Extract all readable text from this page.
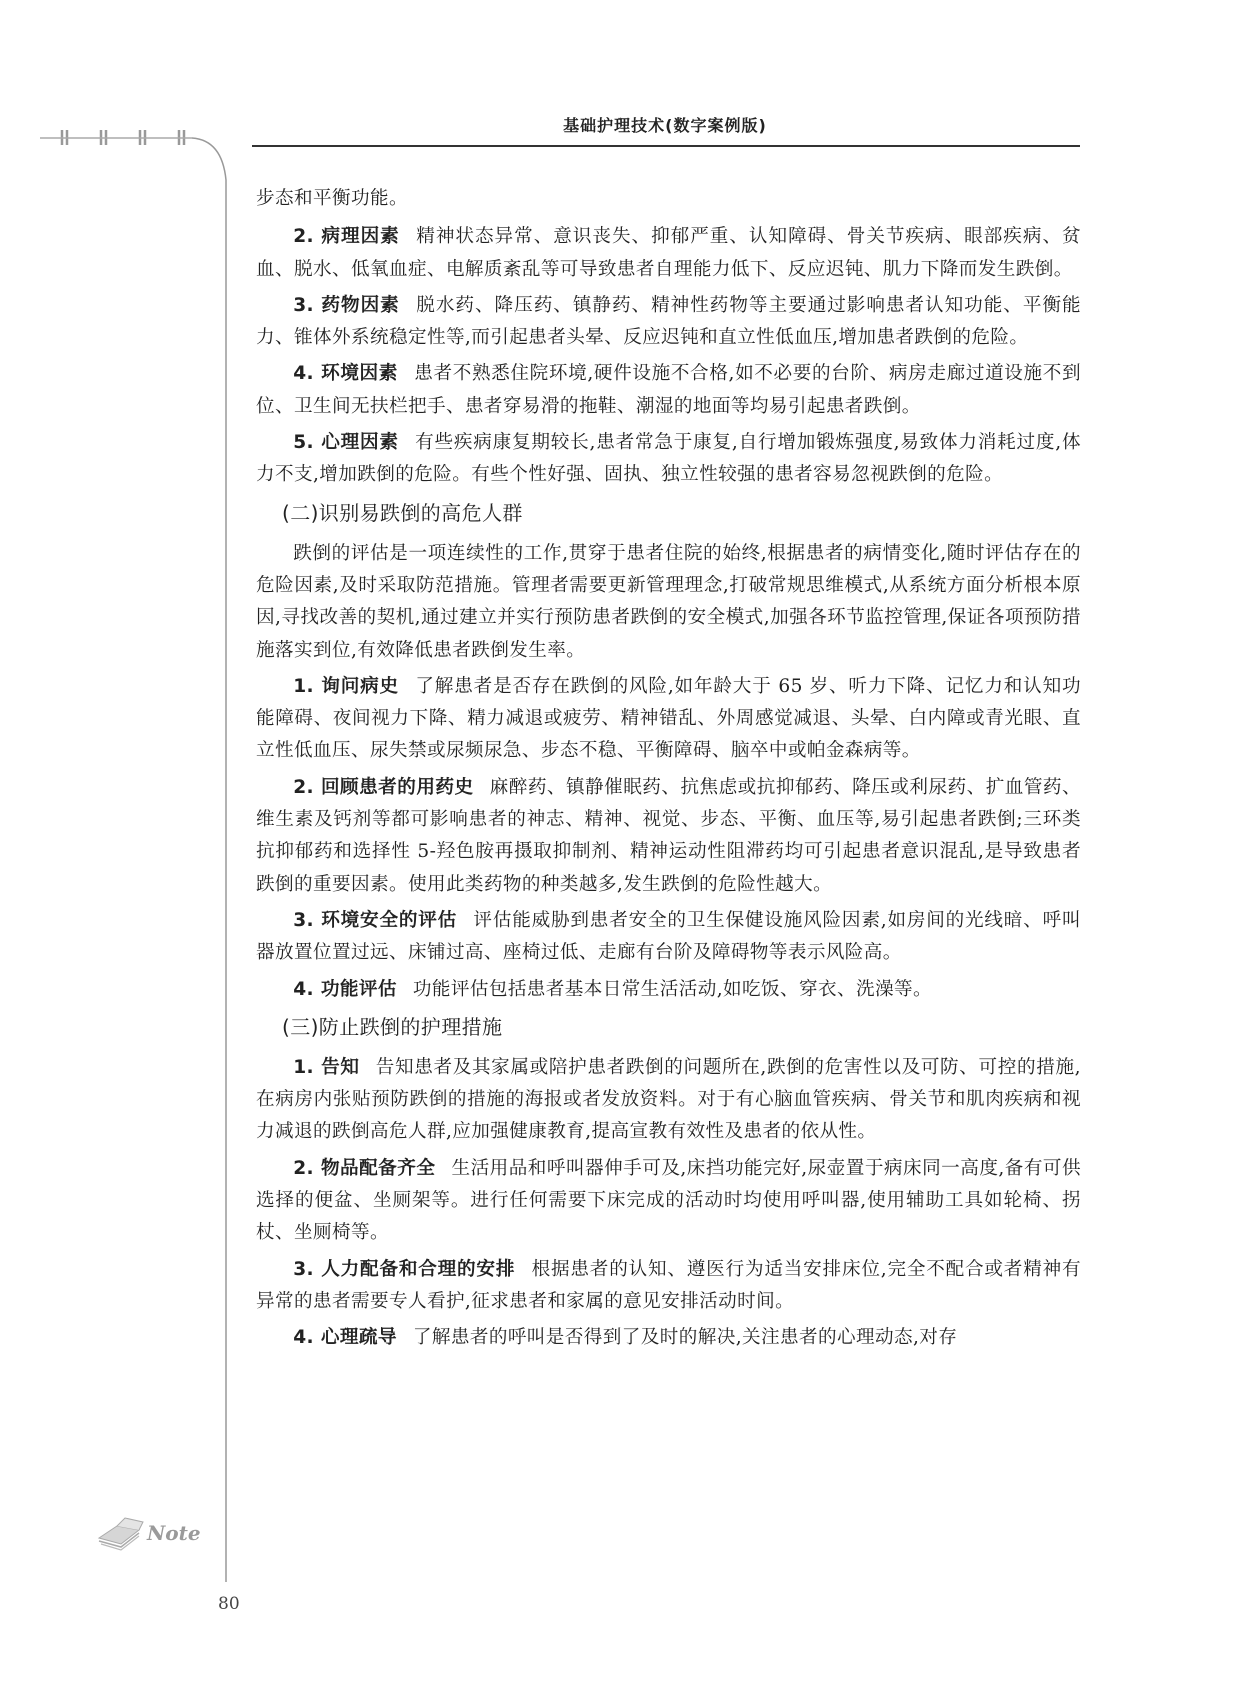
基础护理技术(数字案例版)

步态和平衡功能。

2. 病理因素 精神状态异常、意识丧失、抑郁严重、认知障碍、骨关节疾病、眼部疾病、贫血、脱水、低氧血症、电解质紊乱等可导致患者自理能力低下、反应迟钝、肌力下降而发生跌倒。

3. 药物因素 脱水药、降压药、镇静药、精神性药物等主要通过影响患者认知功能、平衡能力、锥体外系统稳定性等,而引起患者头晕、反应迟钝和直立性低血压,增加患者跌倒的危险。

4. 环境因素 患者不熟悉住院环境,硬件设施不合格,如不必要的台阶、病房走廊过道设施不到位、卫生间无扶栏把手、患者穿易滑的拖鞋、潮湿的地面等均易引起患者跌倒。

5. 心理因素 有些疾病康复期较长,患者常急于康复,自行增加锻炼强度,易致体力消耗过度,体力不支,增加跌倒的危险。有些个性好强、固执、独立性较强的患者容易忽视跌倒的危险。

(二)识别易跌倒的高危人群

跌倒的评估是一项连续性的工作,贯穿于患者住院的始终,根据患者的病情变化,随时评估存在的危险因素,及时采取防范措施。管理者需要更新管理理念,打破常规思维模式,从系统方面分析根本原因,寻找改善的契机,通过建立并实行预防患者跌倒的安全模式,加强各环节监控管理,保证各项预防措施落实到位,有效降低患者跌倒发生率。

1. 询问病史 了解患者是否存在跌倒的风险,如年龄大于 65 岁、听力下降、记忆力和认知功能障碍、夜间视力下降、精力减退或疲劳、精神错乱、外周感觉减退、头晕、白内障或青光眼、直立性低血压、尿失禁或尿频尿急、步态不稳、平衡障碍、脑卒中或帕金森病等。

2. 回顾患者的用药史 麻醉药、镇静催眠药、抗焦虑或抗抑郁药、降压或利尿药、扩血管药、维生素及钙剂等都可影响患者的神志、精神、视觉、步态、平衡、血压等,易引起患者跌倒;三环类抗抑郁药和选择性 5-羟色胺再摄取抑制剂、精神运动性阻滞药均可引起患者意识混乱,是导致患者跌倒的重要因素。使用此类药物的种类越多,发生跌倒的危险性越大。

3. 环境安全的评估 评估能威胁到患者安全的卫生保健设施风险因素,如房间的光线暗、呼叫器放置位置过远、床铺过高、座椅过低、走廊有台阶及障碍物等表示风险高。

4. 功能评估 功能评估包括患者基本日常生活活动,如吃饭、穿衣、洗澡等。

(三)防止跌倒的护理措施

1. 告知 告知患者及其家属或陪护患者跌倒的问题所在,跌倒的危害性以及可防、可控的措施,在病房内张贴预防跌倒的措施的海报或者发放资料。对于有心脑血管疾病、骨关节和肌肉疾病和视力减退的跌倒高危人群,应加强健康教育,提高宣教有效性及患者的依从性。

2. 物品配备齐全 生活用品和呼叫器伸手可及,床挡功能完好,尿壶置于病床同一高度,备有可供选择的便盆、坐厕架等。进行任何需要下床完成的活动时均使用呼叫器,使用辅助工具如轮椅、拐杖、坐厕椅等。

3. 人力配备和合理的安排 根据患者的认知、遵医行为适当安排床位,完全不配合或者精神有异常的患者需要专人看护,征求患者和家属的意见安排活动时间。

4. 心理疏导 了解患者的呼叫是否得到了及时的解决,关注患者的心理动态,对存

Note
80
